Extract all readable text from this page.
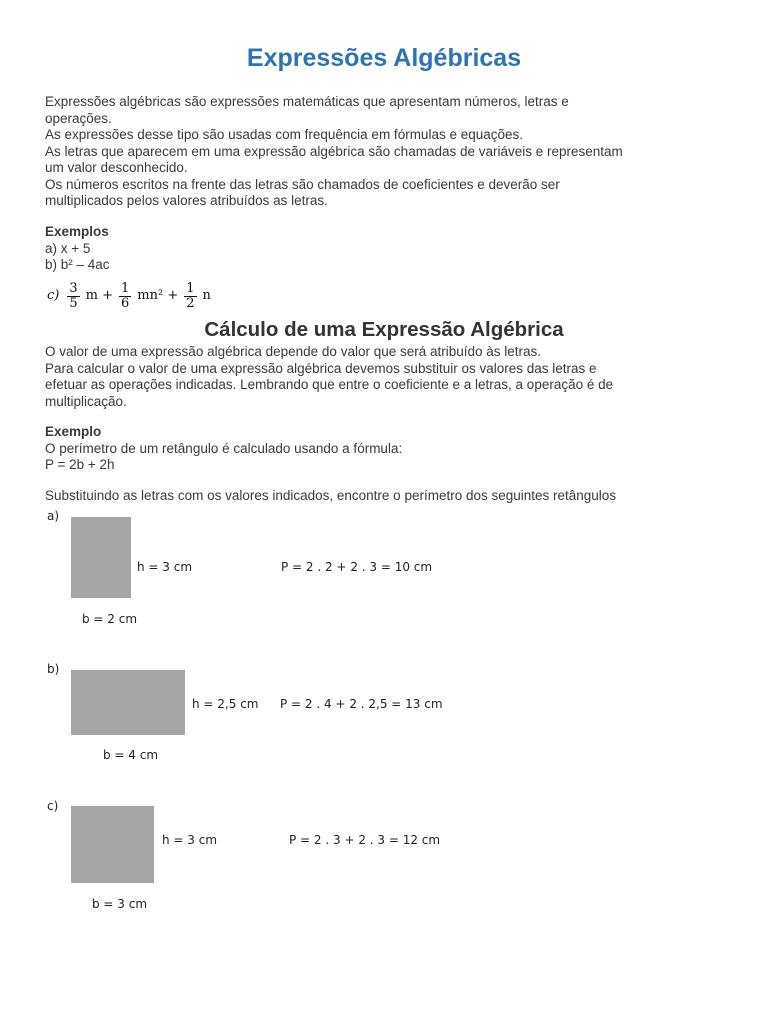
Expressões Algébricas

Expressões algébricas são expressões matemáticas que apresentam números, letras e

operações.

As expressões desse tipo são usadas com frequência em fórmulas e equações.

As letras que aparecem em uma expressão algébrica são chamadas de variáveis e representam

um valor desconhecido.

Os números escritos na frente das letras são chamados de coeficientes e deverão ser

multiplicados pelos valores atribuídos as letras.

Exemplos

a) x + 5

b) b² – 4ac

$c) \frac{3}{5}$ $m + \frac{1}{6} mn^2 + \frac{1}{2}$ n
Cálculo de uma Expressão Algébrica

O valor de uma expressão algébrica depende do valor que será atribuído às letras.

Para calcular o valor de uma expressão algébrica devemos substituir os valores das letras e

efetuar as operações indicadas. Lembrando que entre o coeficiente e a letras, a operação é de

multiplicação.

Exemplo

O perímetro de um retângulo é calculado usando a fórmula:

P = 2b + 2h

Substituindo as letras com os valores indicados, encontre o perímetro dos seguintes retângulos

a)
h = 3 cm	P = 2 . 2 + 2 . 3 = 10 cm
b = 2 cm
b)
h = 2,5 cm P = 2 . 4 + 2 . 2,5 = 13 cm
b = 4 cm
c)
h = 3 cm	P = 2 . 3 + 2 . 3 = 12 cm
b = 3 cm
